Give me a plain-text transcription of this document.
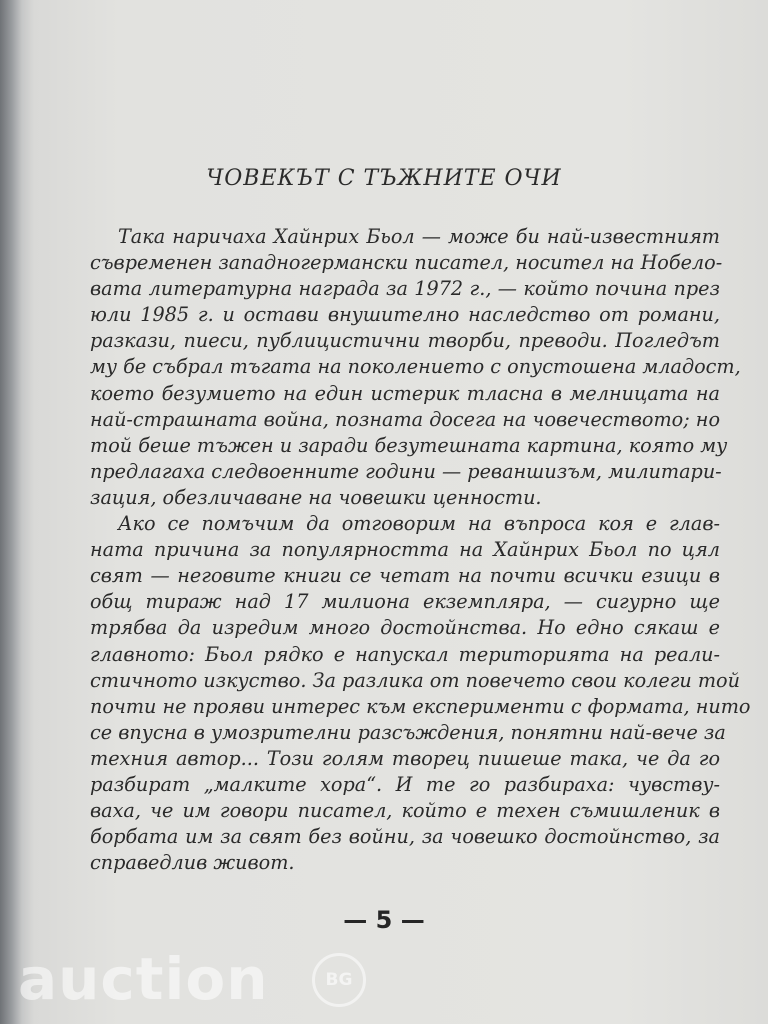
ЧОВЕКЪТ С ТЪЖНИТЕ ОЧИ
Така наричаха Хайнрих Бьол — може би най-известният
съвременен западногермански писател, носител на Нобело-
вата литературна награда за 1972 г., — който почина през
юли 1985 г. и остави внушително наследство от романи,
разкази, пиеси, публицистични творби, преводи. Погледът
му бе събрал тъгата на поколението с опустошена младост,
което безумието на един истерик тласна в мелницата на
най-страшната война, позната досега на човечеството; но
той беше тъжен и заради безутешната картина, която му
предлагаха следвоенните години — реваншизъм, милитари-
зация, обезличаване на човешки ценности.
Ако се помъчим да отговорим на въпроса коя е глав-
ната причина за популярността на Хайнрих Бьол по цял
свят — неговите книги се четат на почти всички езици в
общ тираж над 17 милиона екземпляра, — сигурно ще
трябва да изредим много достойнства. Но едно сякаш е
главното: Бьол рядко е напускал територията на реали-
стичното изкуство. За разлика от повечето свои колеги той
почти не прояви интерес към експерименти с формата, нито
се впусна в умозрителни разсъждения, понятни най-вече за
техния автор... Този голям творец пишеше така, че да го
разбират „малките хора“. И те го разбираха: чувству-
ваха, че им говори писател, който е техен съмишленик в
борбата им за свят без войни, за човешко достойнство, за
справедлив живот.
— 5 —
auction	BG
